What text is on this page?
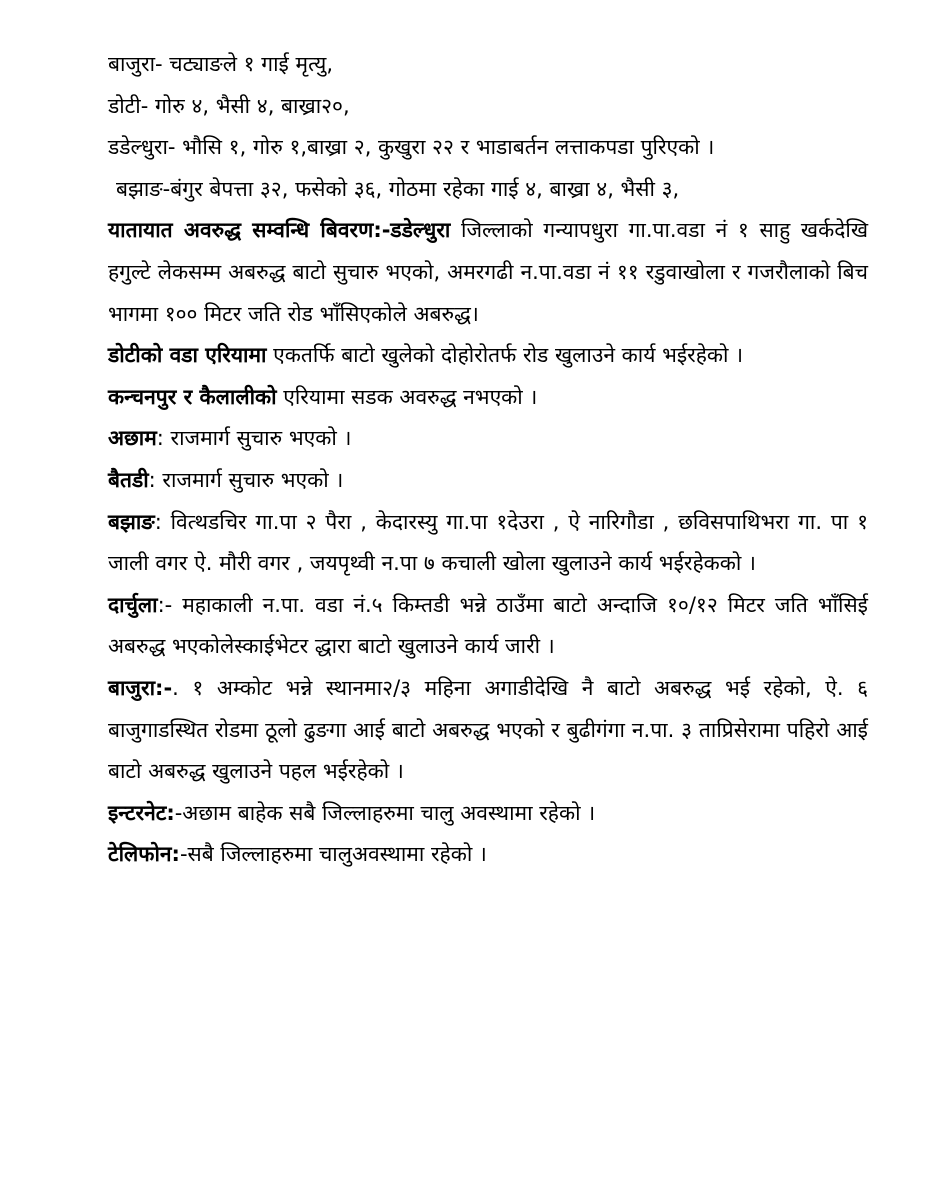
बाजुरा- चट्याङले १ गाई मृत्यु,

डोटी- गोरु ४, भैसी ४, बाख्रा२०,

डडेल्धुरा- भौसि १, गोरु १,बाख्रा २, कुखुरा २२ र भाडाबर्तन लत्ताकपडा पुरिएको ।

बझाङ-बंगुर बेपत्ता ३२, फसेको ३६, गोठमा रहेका गाई ४, बाख्रा ४, भैसी ३,

यातायात अवरुद्ध सम्वन्धि बिवरण:-डडेल्धुरा जिल्लाको गन्यापधुरा गा.पा.वडा नं १ साहु खर्कदेखि हगुल्टे लेकसम्म अबरुद्ध बाटो सुचारु भएको, अमरगढी न.पा.वडा नं ११ रडुवाखोला र गजरौलाको बिच भागमा १०० मिटर जति रोड भाँसिएकोले अबरुद्ध।

डोटीको वडा एरियामा एकतर्फि बाटो खुलेको दोहोरोतर्फ रोड खुलाउने कार्य भईरहेको ।

कन्चनपुर र कैलालीको एरियामा सडक अवरुद्ध नभएको ।

अछाम: राजमार्ग सुचारु भएको ।

बैतडी: राजमार्ग सुचारु भएको ।

बझाङ: वित्थडचिर गा.पा २ पैरा , केदारस्यु गा.पा १देउरा , ऐ नारिगौडा , छविसपाथिभरा गा. पा १ जाली वगर ऐ. मौरी वगर , जयपृथ्वी न.पा ७ कचाली खोला खुलाउने कार्य भईरहेकको ।

दार्चुला:- महाकाली न.पा. वडा नं.५ किम्तडी भन्ने ठाउँमा बाटो अन्दाजि १०/१२ मिटर जति भाँसिई अबरुद्ध भएकोलेस्काईभेटर द्धारा बाटो खुलाउने कार्य जारी ।

बाजुरा:-. १ अम्कोट भन्ने स्थानमा२/३ महिना अगाडीदेखि नै बाटो अबरुद्ध भई रहेको, ऐ. ६ बाजुगाडस्थित रोडमा ठूलो ढुङगा आई बाटो अबरुद्ध भएको र बुढीगंगा न.पा. ३ ताप्रिसेरामा पहिरो आई बाटो अबरुद्ध खुलाउने पहल भईरहेको ।

इन्टरनेट:-अछाम बाहेक सबै जिल्लाहरुमा चालु अवस्थामा रहेको ।

टेलिफोन:-सबै जिल्लाहरुमा चालुअवस्थामा रहेको ।
